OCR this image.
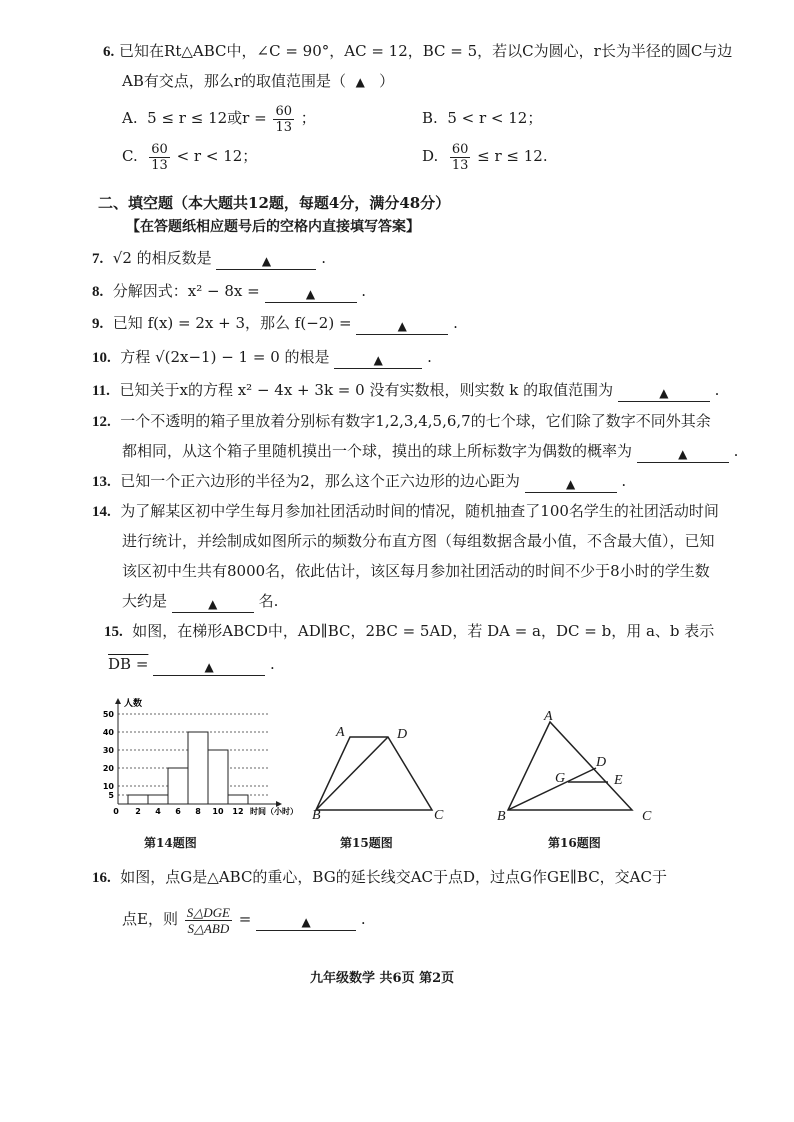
6. 已知在Rt△ABC中，∠C = 90°，AC = 12，BC = 5，若以C为圆心，r长为半径的圆C与边
AB有交点，那么r的取值范围是（ ▲ ）
A. 5 ≤ r ≤ 12或$r = \frac{60}{13}$ ；	B. 5 < r < 12；
C. $\frac{60}{13} < r < 12$；	D. $\frac{60}{13} \le r \le 12$.
二、填空题（本大题共12题，每题4分，满分48分）
【在答题纸相应题号后的空格内直接填写答案】
7. √2 的相反数是	▲	.
8. 分解因式：x² − 8x =	▲	.
9. 已知 f(x) = 2x + 3，那么 f(−2) =	▲	.
10. 方程 √(2x−1) − 1 = 0 的根是	▲	.
11. 已知关于x的方程 x² − 4x + 3k = 0 没有实数根，则实数 k 的取值范围为	▲	.
12. 一个不透明的箱子里放着分别标有数字1,2,3,4,5,6,7的七个球，它们除了数字不同外其余
都相同，从这个箱子里随机摸出一个球，摸出的球上所标数字为偶数的概率为	▲	.
13. 已知一个正六边形的半径为2，那么这个正六边形的边心距为	▲	.
14. 为了解某区初中学生每月参加社团活动时间的情况，随机抽查了100名学生的社团活动时间
进行统计，并绘制成如图所示的频数分布直方图（每组数据含最小值，不含最大值），已知
该区初中生共有8000名，依此估计，该区每月参加社团活动的时间不少于8小时的学生数
大约是	▲	名.
15. 如图，在梯形ABCD中，AD∥BC，2BC = 5AD，若 DA = a，DC = b，用 a、b 表示
DB =	▲	.
5
10
20
30
40
50
0 2 4 6 8 10 12
人数
时间（小时）
第14题图
A	D
B	C
第15题图
A
D
G	E
B	C
第16题图
16. 如图，点G是△ABC的重心，BG的延长线交AC于点D，过点G作GE∥BC，交AC于
点E，则 $\frac{\text{S△DGE}}{\text{S△ABD}}$ =	▲	.
九年级数学 共6页 第2页
